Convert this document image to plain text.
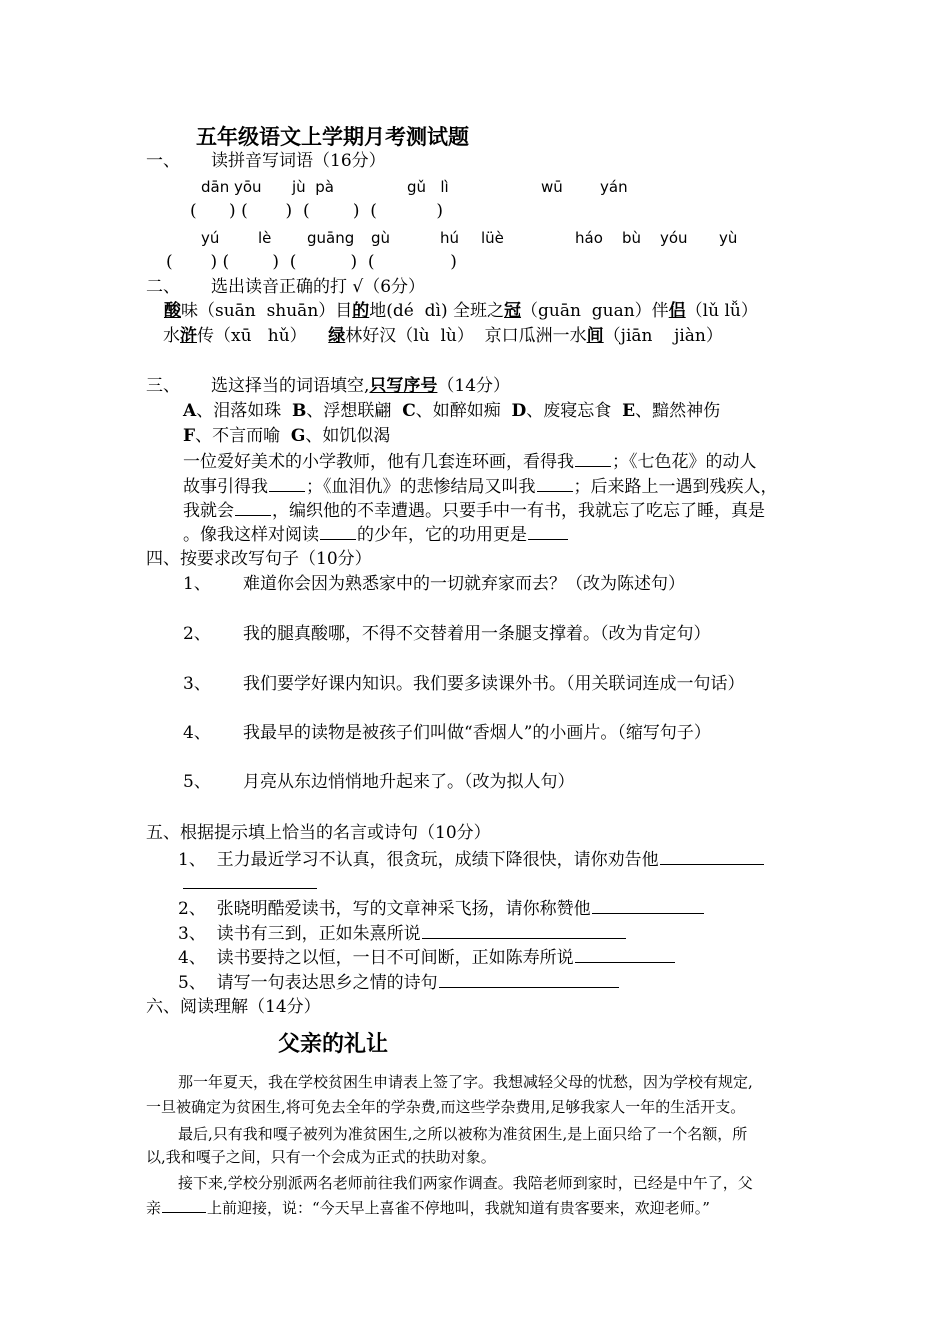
五年级语文上学期月考测试题
一、 读拼音写词语（16分）
dān yōu jù  pà	gǔ   lì	wū yán
(      ) (       )  (        )  (           )
yú	lè guāng gù	hú lüè	háo bù yóu yù
(       ) (        )  (          )  (              )
二、 选出读音正确的打 √（6分）
酸味（suān  shuān）目的地(dé  dì) 全班之冠（guān  guan）伴侣（lǔ lǚ）
水浒传（xū   hǔ） 绿林好汉（lù  lù）  京口瓜洲一水间（jiān    jiàn）
三、 选这择当的词语填空,只写序号（14分）
A、泪落如珠  B、浮想联翩  C、如醉如痴  D、废寝忘食  E、黯然神伤
F、不言而喻  G、如饥似渴
一位爱好美术的小学教师，他有几套连环画，看得我 ；《七色花》的动人
故事引得我 ；《血泪仇》的悲惨结局又叫我 ；后来路上一遇到残疾人，
我就会 ，编织他的不幸遭遇。只要手中一有书，我就忘了吃忘了睡，真是
。像我这样对阅读 的少年，它的功用更是
四、按要求改写句子（10分）
1、 难道你会因为熟悉家中的一切就弃家而去？（改为陈述句）
2、 我的腿真酸哪，不得不交替着用一条腿支撑着。（改为肯定句）
3、 我们要学好课内知识。我们要多读课外书。（用关联词连成一句话）
4、 我最早的读物是被孩子们叫做“香烟人”的小画片。（缩写句子）
5、 月亮从东边悄悄地升起来了。（改为拟人句）
五、根据提示填上恰当的名言或诗句（10分）
1、 王力最近学习不认真，很贪玩，成绩下降很快，请你劝告他
2、 张晓明酷爱读书，写的文章神采飞扬，请你称赞他
3、 读书有三到，正如朱熹所说
4、 读书要持之以恒，一日不可间断，正如陈寿所说
5、 请写一句表达思乡之情的诗句
六、阅读理解（14分）
父亲的礼让
那一年夏天，我在学校贫困生申请表上签了字。我想减轻父母的忧愁，因为学校有规定,
一旦被确定为贫困生,将可免去全年的学杂费,而这些学杂费用,足够我家人一年的生活开支。
最后,只有我和嘎子被列为准贫困生,之所以被称为准贫困生,是上面只给了一个名额，所
以,我和嘎子之间，只有一个会成为正式的扶助对象。
接下来,学校分别派两名老师前往我们两家作调查。我陪老师到家时，已经是中午了，父
亲	上前迎接，说：“今天早上喜雀不停地叫，我就知道有贵客要来，欢迎老师。”
